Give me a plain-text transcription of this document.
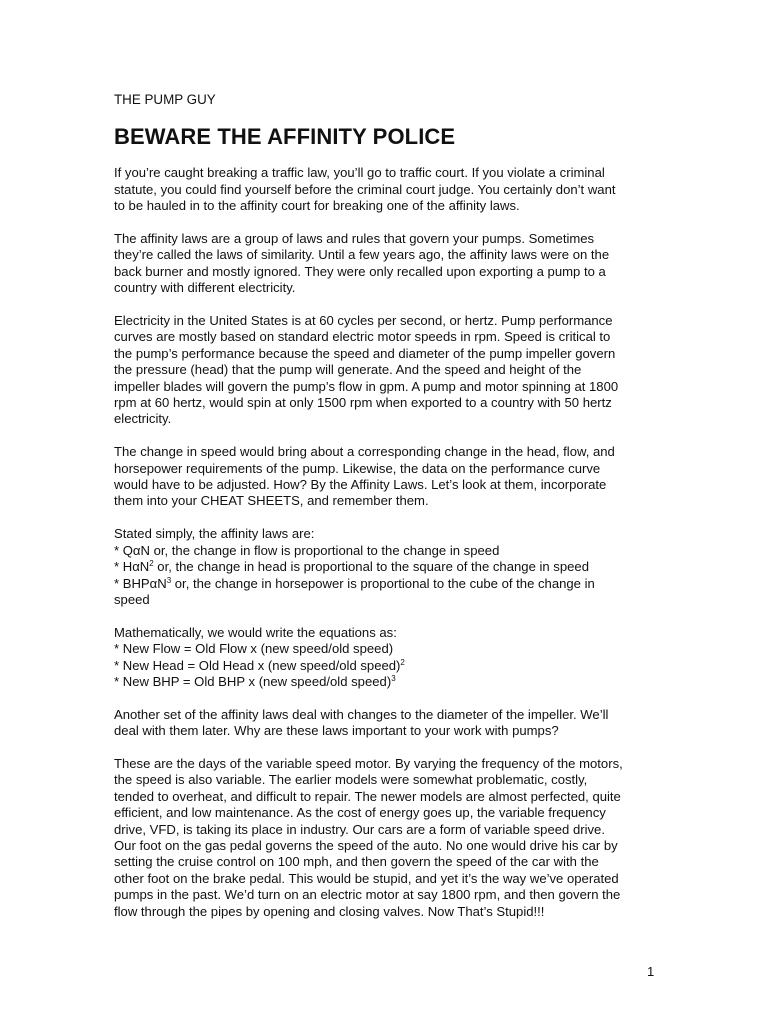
THE PUMP GUY
BEWARE THE AFFINITY POLICE
If you’re caught breaking a traffic law, you’ll go to traffic court. If you violate a criminal
statute, you could find yourself before the criminal court judge. You certainly don’t want
to be hauled in to the affinity court for breaking one of the affinity laws.
The affinity laws are a group of laws and rules that govern your pumps. Sometimes
they’re called the laws of similarity. Until a few years ago, the affinity laws were on the
back burner and mostly ignored. They were only recalled upon exporting a pump to a
country with different electricity.
Electricity in the United States is at 60 cycles per second, or hertz. Pump performance
curves are mostly based on standard electric motor speeds in rpm. Speed is critical to
the pump’s performance because the speed and diameter of the pump impeller govern
the pressure (head) that the pump will generate. And the speed and height of the
impeller blades will govern the pump’s flow in gpm. A pump and motor spinning at 1800
rpm at 60 hertz, would spin at only 1500 rpm when exported to a country with 50 hertz
electricity.
The change in speed would bring about a corresponding change in the head, flow, and
horsepower requirements of the pump. Likewise, the data on the performance curve
would have to be adjusted. How? By the Affinity Laws. Let’s look at them, incorporate
them into your CHEAT SHEETS, and remember them.
Stated simply, the affinity laws are:
* QαN or, the change in flow is proportional to the change in speed
* HαN$^2$ or, the change in head is proportional to the square of the change in speed
* BHPαN$^3$ or, the change in horsepower is proportional to the cube of the change in
speed
Mathematically, we would write the equations as:
* New Flow = Old Flow x (new speed/old speed)
* New Head = Old Head x (new speed/old speed)$^2$
* New BHP = Old BHP x (new speed/old speed)$^3$
Another set of the affinity laws deal with changes to the diameter of the impeller. We’ll
deal with them later. Why are these laws important to your work with pumps?
These are the days of the variable speed motor. By varying the frequency of the motors,
the speed is also variable. The earlier models were somewhat problematic, costly,
tended to overheat, and difficult to repair. The newer models are almost perfected, quite
efficient, and low maintenance. As the cost of energy goes up, the variable frequency
drive, VFD, is taking its place in industry. Our cars are a form of variable speed drive.
Our foot on the gas pedal governs the speed of the auto. No one would drive his car by
setting the cruise control on 100 mph, and then govern the speed of the car with the
other foot on the brake pedal. This would be stupid, and yet it’s the way we’ve operated
pumps in the past. We’d turn on an electric motor at say 1800 rpm, and then govern the
flow through the pipes by opening and closing valves. Now That’s Stupid!!!
1
